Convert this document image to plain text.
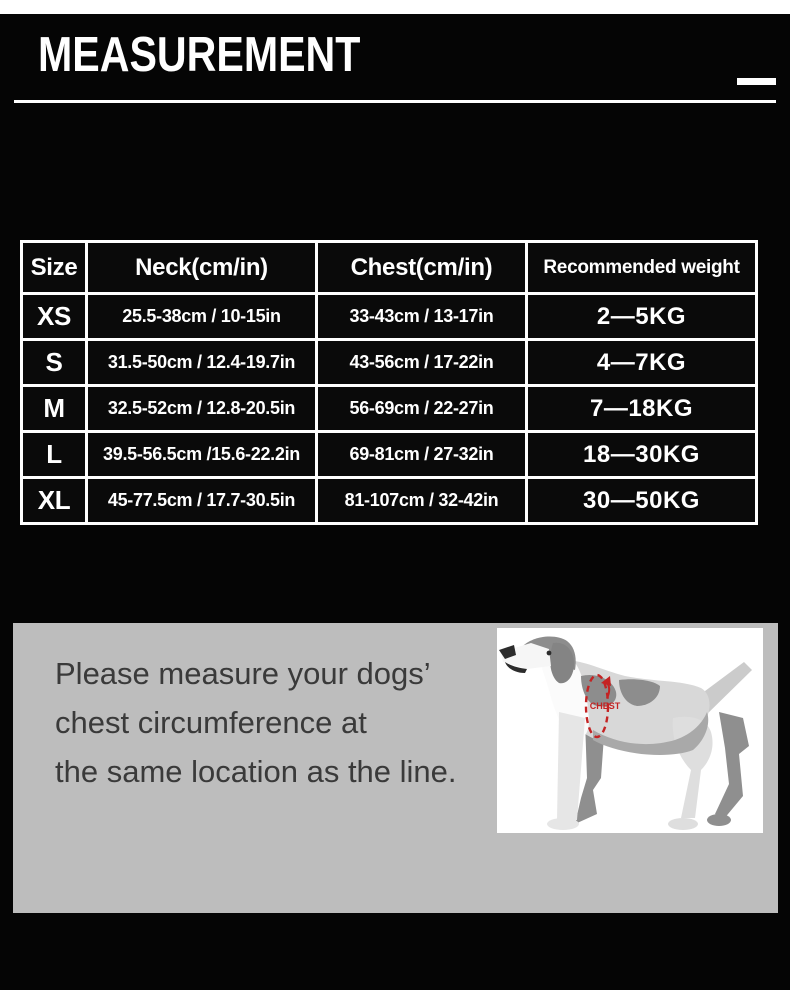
MEASUREMENT
Size	Neck(cm/in)	Chest(cm/in)	Recommended weight
XS	25.5-38cm / 10-15in	33-43cm / 13-17in	2—5KG
S	31.5-50cm / 12.4-19.7in	43-56cm / 17-22in	4—7KG
M	32.5-52cm / 12.8-20.5in	56-69cm / 22-27in	7—18KG
L	39.5-56.5cm /15.6-22.2in	69-81cm / 27-32in	18—30KG
XL	45-77.5cm / 17.7-30.5in	81-107cm / 32-42in	30—50KG
Please measure your dogs’
chest circumference at
the same location as the line.
CHEST
